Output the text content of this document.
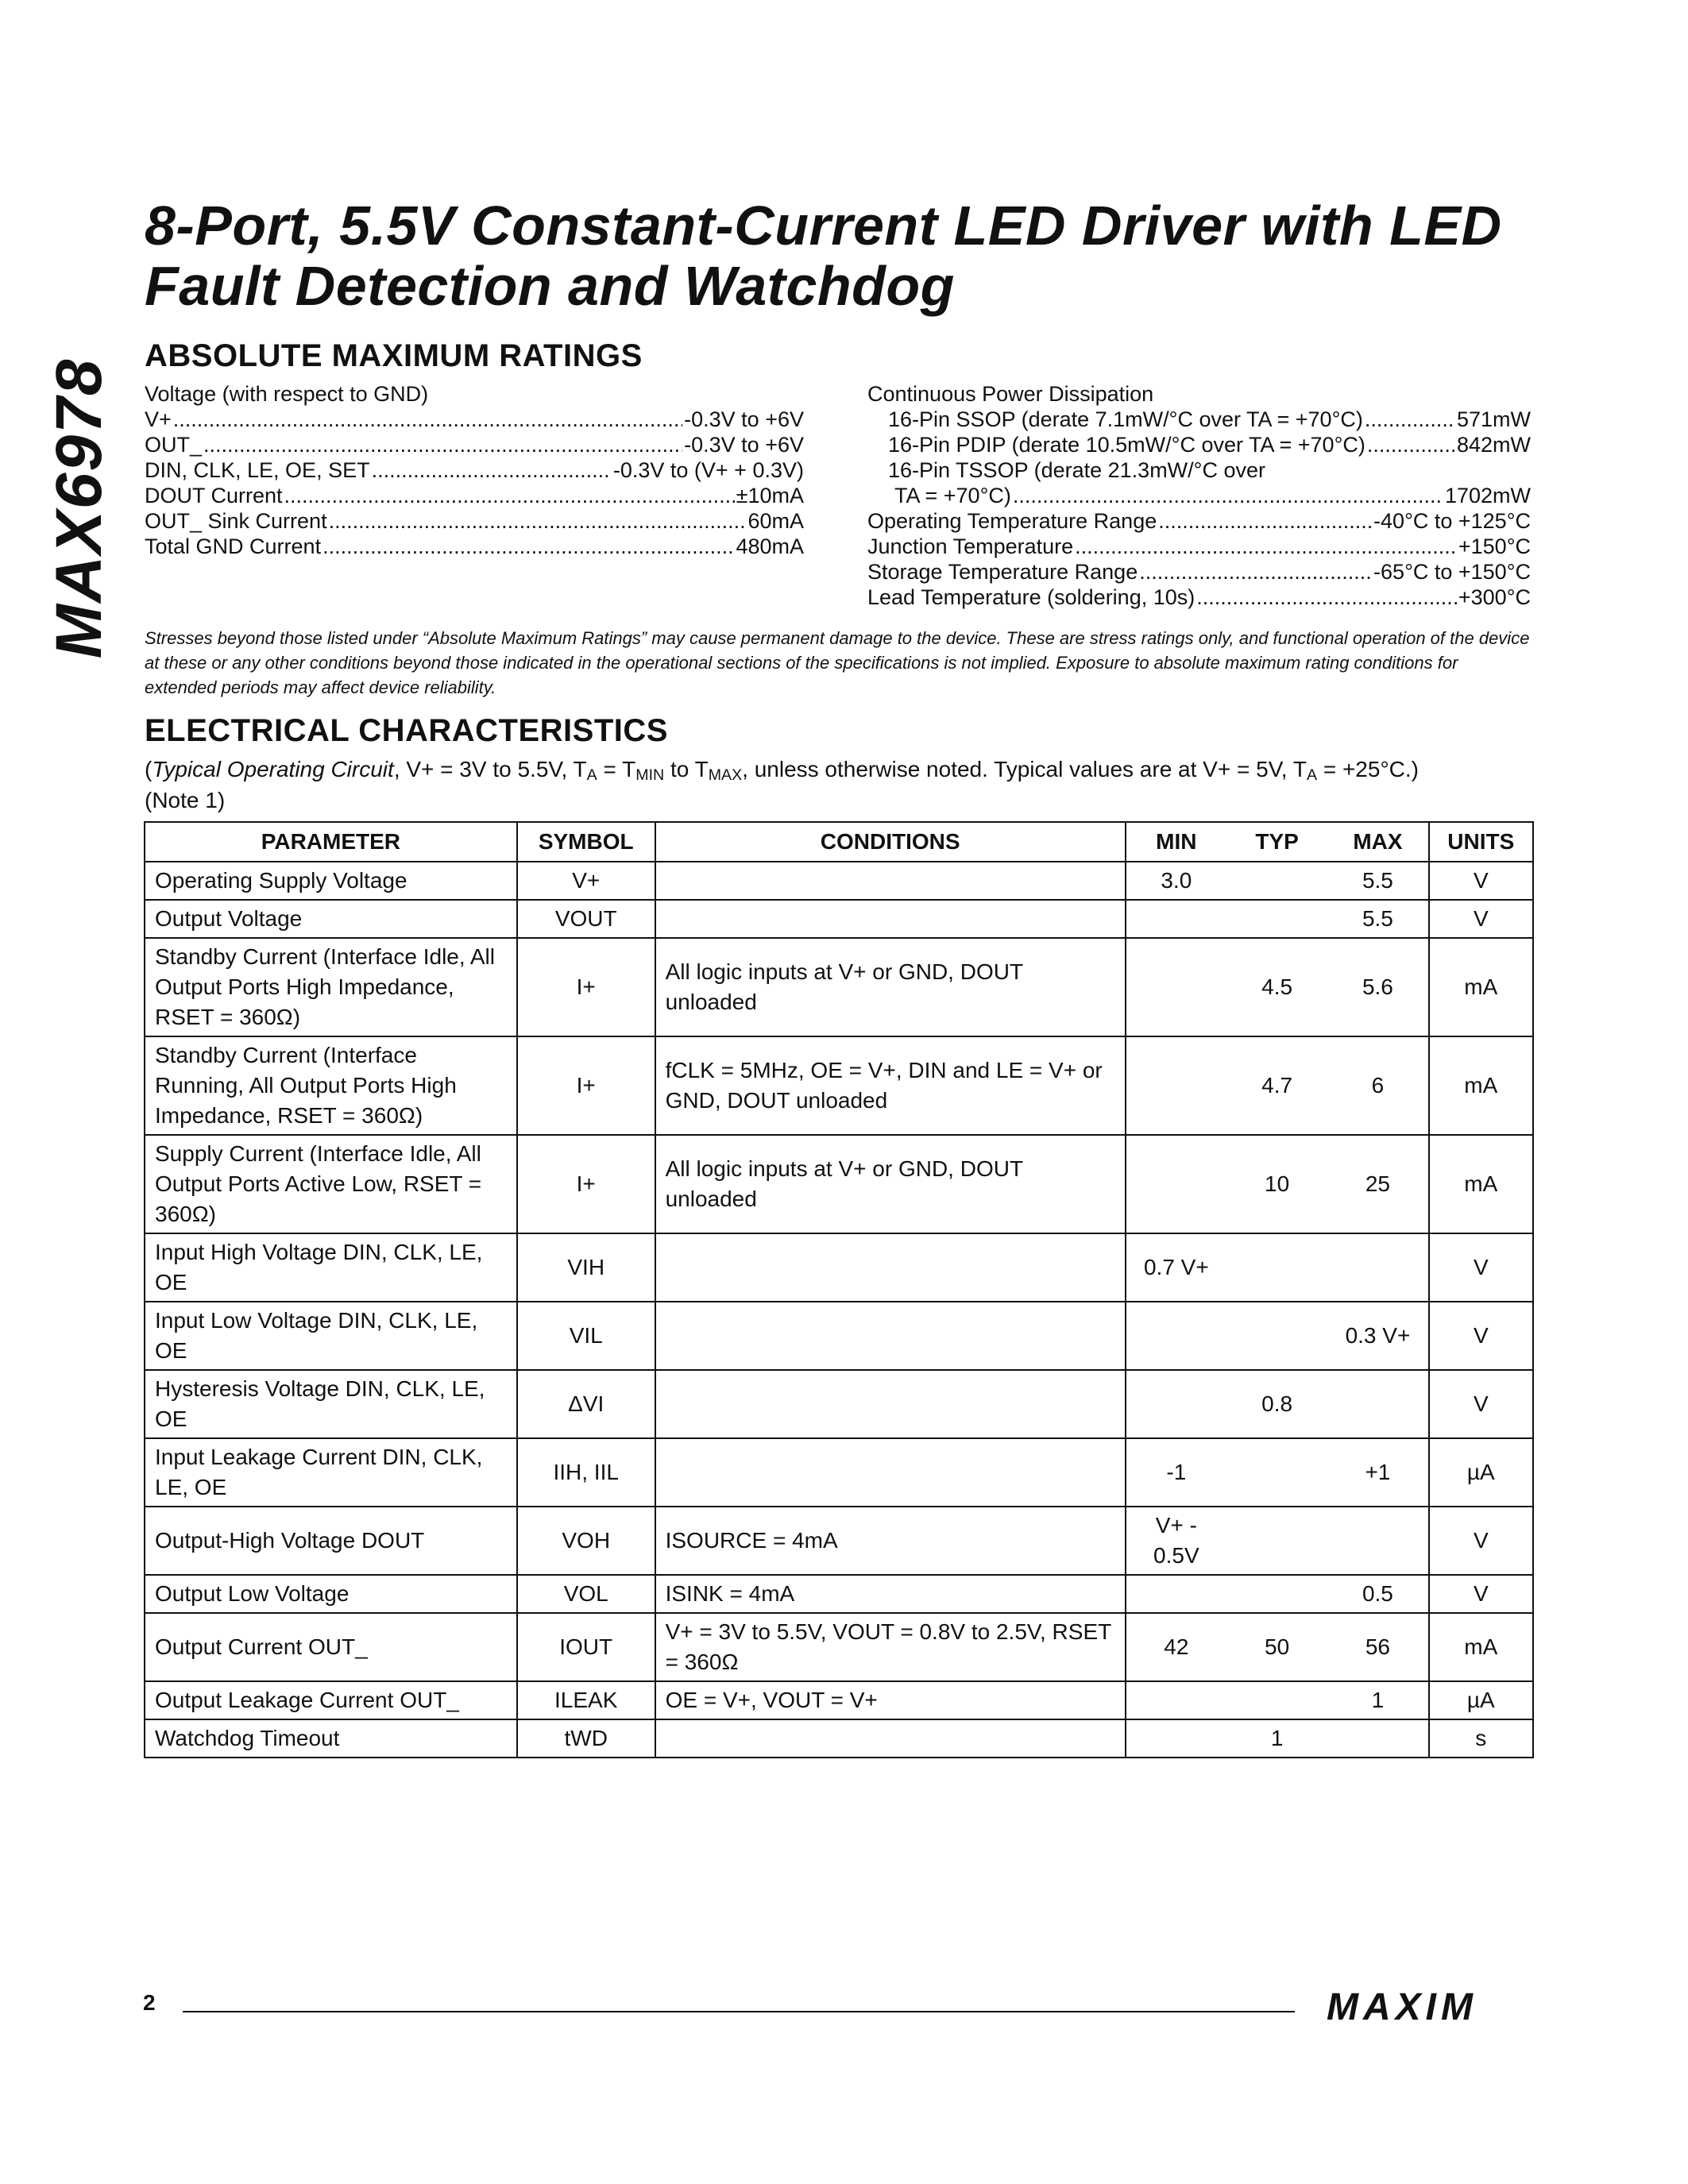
MAX6978
8-Port, 5.5V Constant-Current LED Driver with LED Fault Detection and Watchdog
ABSOLUTE MAXIMUM RATINGS
Voltage (with respect to GND)
V+ .....	-0.3V to +6V
OUT_ .....	-0.3V to +6V
DIN, CLK, LE, OE, SET .....	-0.3V to (V+ + 0.3V)
DOUT Current .....	±10mA
OUT_ Sink Current .....	60mA
Total GND Current .....	480mA
Continuous Power Dissipation
16-Pin SSOP (derate 7.1mW/°C over TA = +70°C) .....	571mW
16-Pin PDIP (derate 10.5mW/°C over TA = +70°C) .....	842mW
16-Pin TSSOP (derate 21.3mW/°C over
TA = +70°C) .....	1702mW
Operating Temperature Range .....	-40°C to +125°C
Junction Temperature .....	+150°C
Storage Temperature Range .....	-65°C to +150°C
Lead Temperature (soldering, 10s) .....	+300°C
Stresses beyond those listed under “Absolute Maximum Ratings” may cause permanent damage to the device. These are stress ratings only, and functional operation of the device at these or any other conditions beyond those indicated in the operational sections of the specifications is not implied. Exposure to absolute maximum rating conditions for extended periods may affect device reliability.
ELECTRICAL CHARACTERISTICS
(Typical Operating Circuit, V+ = 3V to 5.5V, $T_A = T_{MIN}$ to $T_{MAX}$, unless otherwise noted. Typical values are at V+ = 5V, $T_A = +25^\circ C$.)
(Note 1)
PARAMETER	SYMBOL	CONDITIONS	MIN	TYP	MAX	UNITS
Operating Supply Voltage	V+		3.0		5.5	V
Output Voltage	VOUT				5.5	V
Standby Current (Interface Idle, All Output Ports High Impedance, RSET = 360Ω)	I+	All logic inputs at V+ or GND, DOUT unloaded		4.5	5.6	mA
Standby Current (Interface Running, All Output Ports High Impedance, RSET = 360Ω)	I+	fCLK = 5MHz, OE = V+, DIN and LE = V+ or GND, DOUT unloaded		4.7	6	mA
Supply Current (Interface Idle, All Output Ports Active Low, RSET = 360Ω)	I+	All logic inputs at V+ or GND, DOUT unloaded		10	25	mA
Input High Voltage DIN, CLK, LE, OE	VIH		0.7 V+			V
Input Low Voltage DIN, CLK, LE, OE	VIL				0.3 V+	V
Hysteresis Voltage DIN, CLK, LE, OE	ΔVI			0.8		V
Input Leakage Current DIN, CLK, LE, OE	IIH, IIL		-1		+1	µA
Output-High Voltage DOUT	VOH	ISOURCE = 4mA	V+ - 0.5V			V
Output Low Voltage	VOL	ISINK = 4mA			0.5	V
Output Current OUT_	IOUT	V+ = 3V to 5.5V, VOUT = 0.8V to 2.5V, RSET = 360Ω	42	50	56	mA
Output Leakage Current OUT_	ILEAK	OE = V+, VOUT = V+			1	µA
Watchdog Timeout	tWD			1		s
2	MAXIM
